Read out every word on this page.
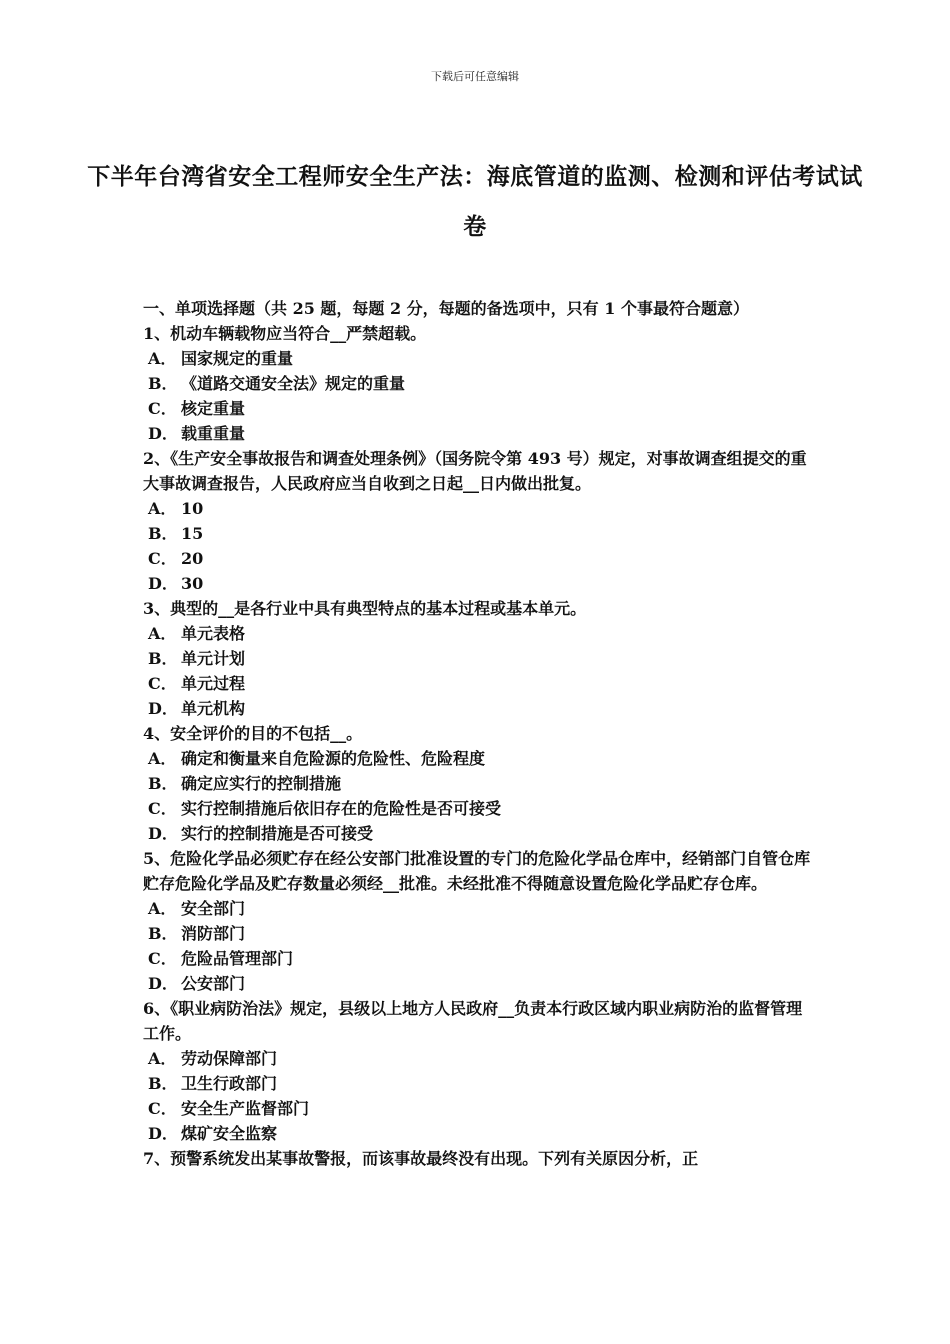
下载后可任意编辑
下半年台湾省安全工程师安全生产法：海底管道的监测、检测和评估考试试卷

一、单项选择题（共 25 题，每题 2 分，每题的备选项中，只有 1 个事最符合题意）

1、机动车辆载物应当符合__严禁超载。

A． 国家规定的重量

B． 《道路交通安全法》规定的重量

C． 核定重量

D． 载重重量

2、《生产安全事故报告和调查处理条例》（国务院令第 493 号）规定，对事故调查组提交的重大事故调查报告，人民政府应当自收到之日起__日内做出批复。

A． 10

B． 15

C． 20

D． 30

3、典型的__是各行业中具有典型特点的基本过程或基本单元。

A． 单元表格

B． 单元计划

C． 单元过程

D． 单元机构

4、安全评价的目的不包括__。

A． 确定和衡量来自危险源的危险性、危险程度

B． 确定应实行的控制措施

C． 实行控制措施后依旧存在的危险性是否可接受

D． 实行的控制措施是否可接受

5、危险化学品必须贮存在经公安部门批准设置的专门的危险化学品仓库中，经销部门自管仓库贮存危险化学品及贮存数量必须经__批准。未经批准不得随意设置危险化学品贮存仓库。

A． 安全部门

B． 消防部门

C． 危险品管理部门

D． 公安部门

6、《职业病防治法》规定，县级以上地方人民政府__负责本行政区域内职业病防治的监督管理工作。

A． 劳动保障部门

B． 卫生行政部门

C． 安全生产监督部门

D． 煤矿安全监察

7、预警系统发出某事故警报，而该事故最终没有出现。下列有关原因分析，正
